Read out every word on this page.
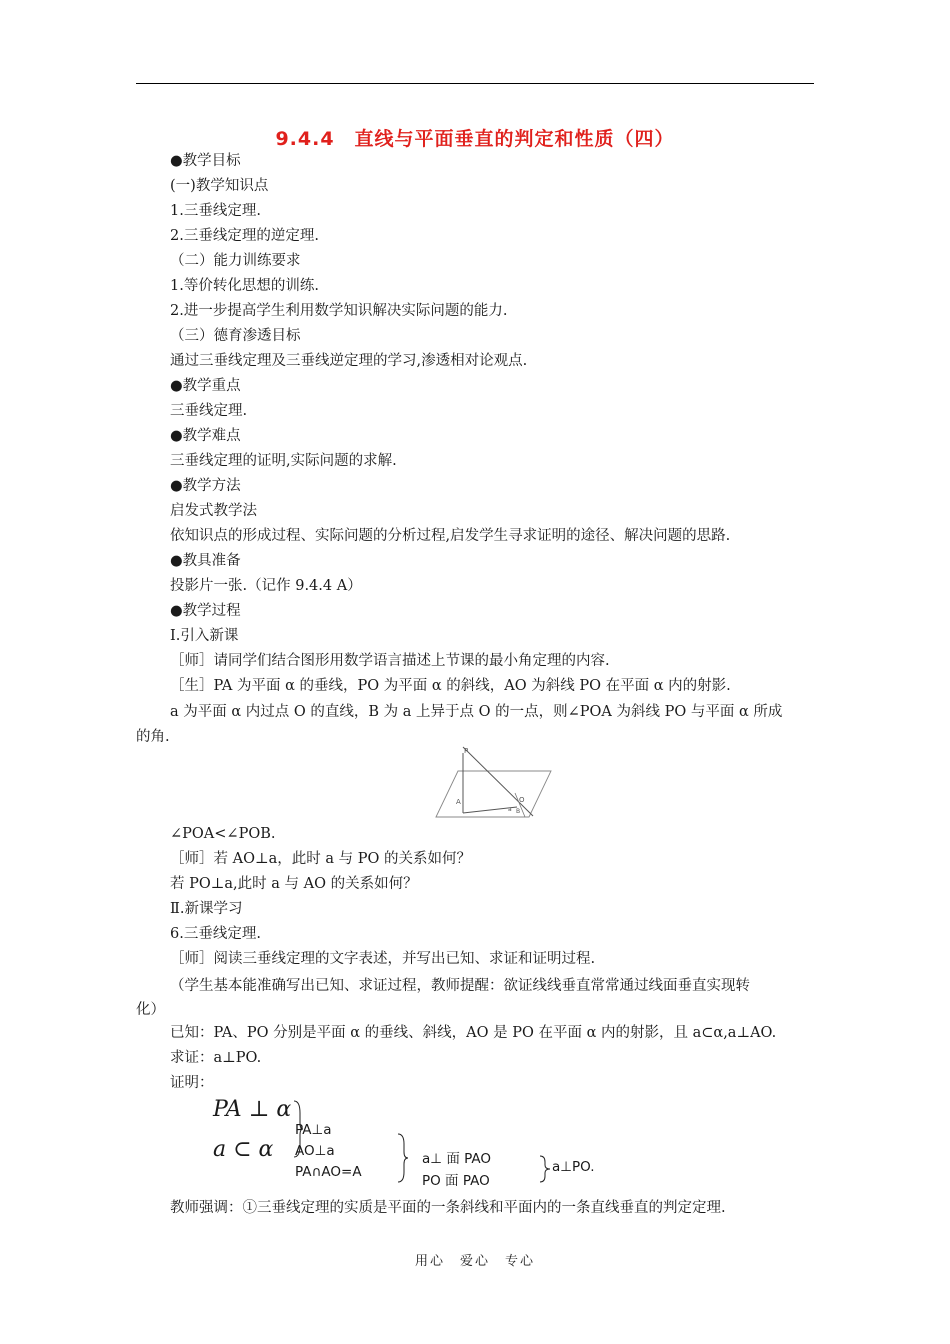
9.4.4　直线与平面垂直的判定和性质（四）
●教学目标
(一)教学知识点
1.三垂线定理.
2.三垂线定理的逆定理.
（二）能力训练要求
1.等价转化思想的训练.
2.进一步提高学生利用数学知识解决实际问题的能力.
（三）德育渗透目标
通过三垂线定理及三垂线逆定理的学习,渗透相对论观点.
●教学重点
三垂线定理.
●教学难点
三垂线定理的证明,实际问题的求解.
●教学方法
启发式教学法
依知识点的形成过程、实际问题的分析过程,启发学生寻求证明的途径、解决问题的思路.
●教具准备
投影片一张.（记作 9.4.4 A）
●教学过程
Ⅰ.引入新课
［师］请同学们结合图形用数学语言描述上节课的最小角定理的内容.
［生］PA 为平面 α 的垂线，PO 为平面 α 的斜线，AO 为斜线 PO 在平面 α 内的射影.
a 为平面 α 内过点 O 的直线，B 为 a 上异于点 O 的一点，则∠POA 为斜线 PO 与平面 α 所成
的角.
P
A	O
a B
∠POA<∠POB.
［师］若 AO⊥a，此时 a 与 PO 的关系如何？
若 PO⊥a,此时 a 与 AO 的关系如何？
Ⅱ.新课学习
6.三垂线定理.
［师］阅读三垂线定理的文字表述，并写出已知、求证和证明过程.
（学生基本能准确写出已知、求证过程，教师提醒：欲证线线垂直常常通过线面垂直实现转
化）
已知：PA、PO 分别是平面 α 的垂线、斜线，AO 是 PO 在平面 α 内的射影，且 a⊂α,a⊥AO.
求证：a⊥PO.
证明：
PA ⊥ α
a ⊂ α
PA⊥a
AO⊥a
PA∩AO=A
a⊥ 面 PAO
PO 面 PAO
a⊥PO.
教师强调：①三垂线定理的实质是平面的一条斜线和平面内的一条直线垂直的判定定理.
用心　爱心　专心
